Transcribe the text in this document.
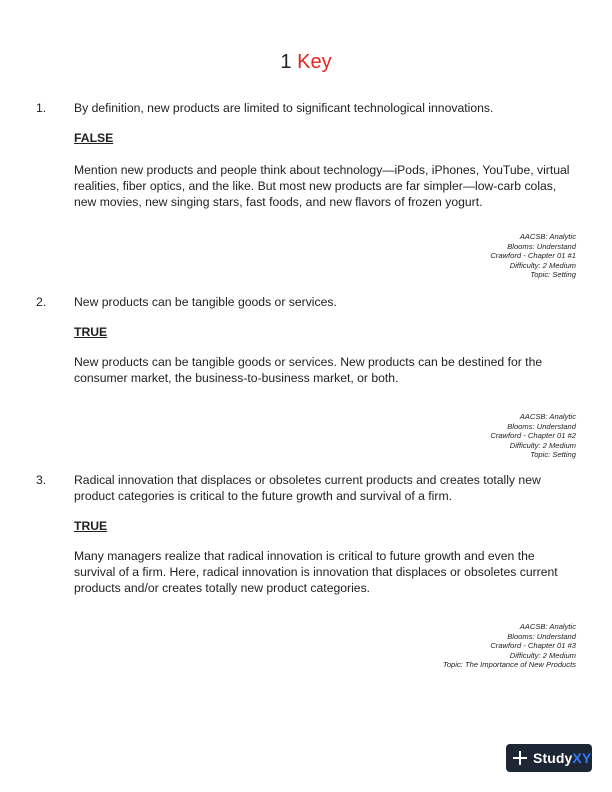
1 Key
1.	By definition, new products are limited to significant technological innovations.
FALSE
Mention new products and people think about technology—iPods, iPhones, YouTube, virtual realities, fiber optics, and the like. But most new products are far simpler—low-carb colas, new movies, new singing stars, fast foods, and new flavors of frozen yogurt.
AACSB: Analytic
Blooms: Understand
Crawford - Chapter 01 #1
Difficulty: 2 Medium
Topic: Setting
2.	New products can be tangible goods or services.
TRUE
New products can be tangible goods or services. New products can be destined for the consumer market, the business-to-business market, or both.
AACSB: Analytic
Blooms: Understand
Crawford - Chapter 01 #2
Difficulty: 2 Medium
Topic: Setting
3.	Radical innovation that displaces or obsoletes current products and creates totally new product categories is critical to the future growth and survival of a firm.
TRUE
Many managers realize that radical innovation is critical to future growth and even the survival of a firm. Here, radical innovation is innovation that displaces or obsoletes current products and/or creates totally new product categories.
AACSB: Analytic
Blooms: Understand
Crawford - Chapter 01 #3
Difficulty: 2 Medium
Topic: The Importance of New Products
StudyXY
